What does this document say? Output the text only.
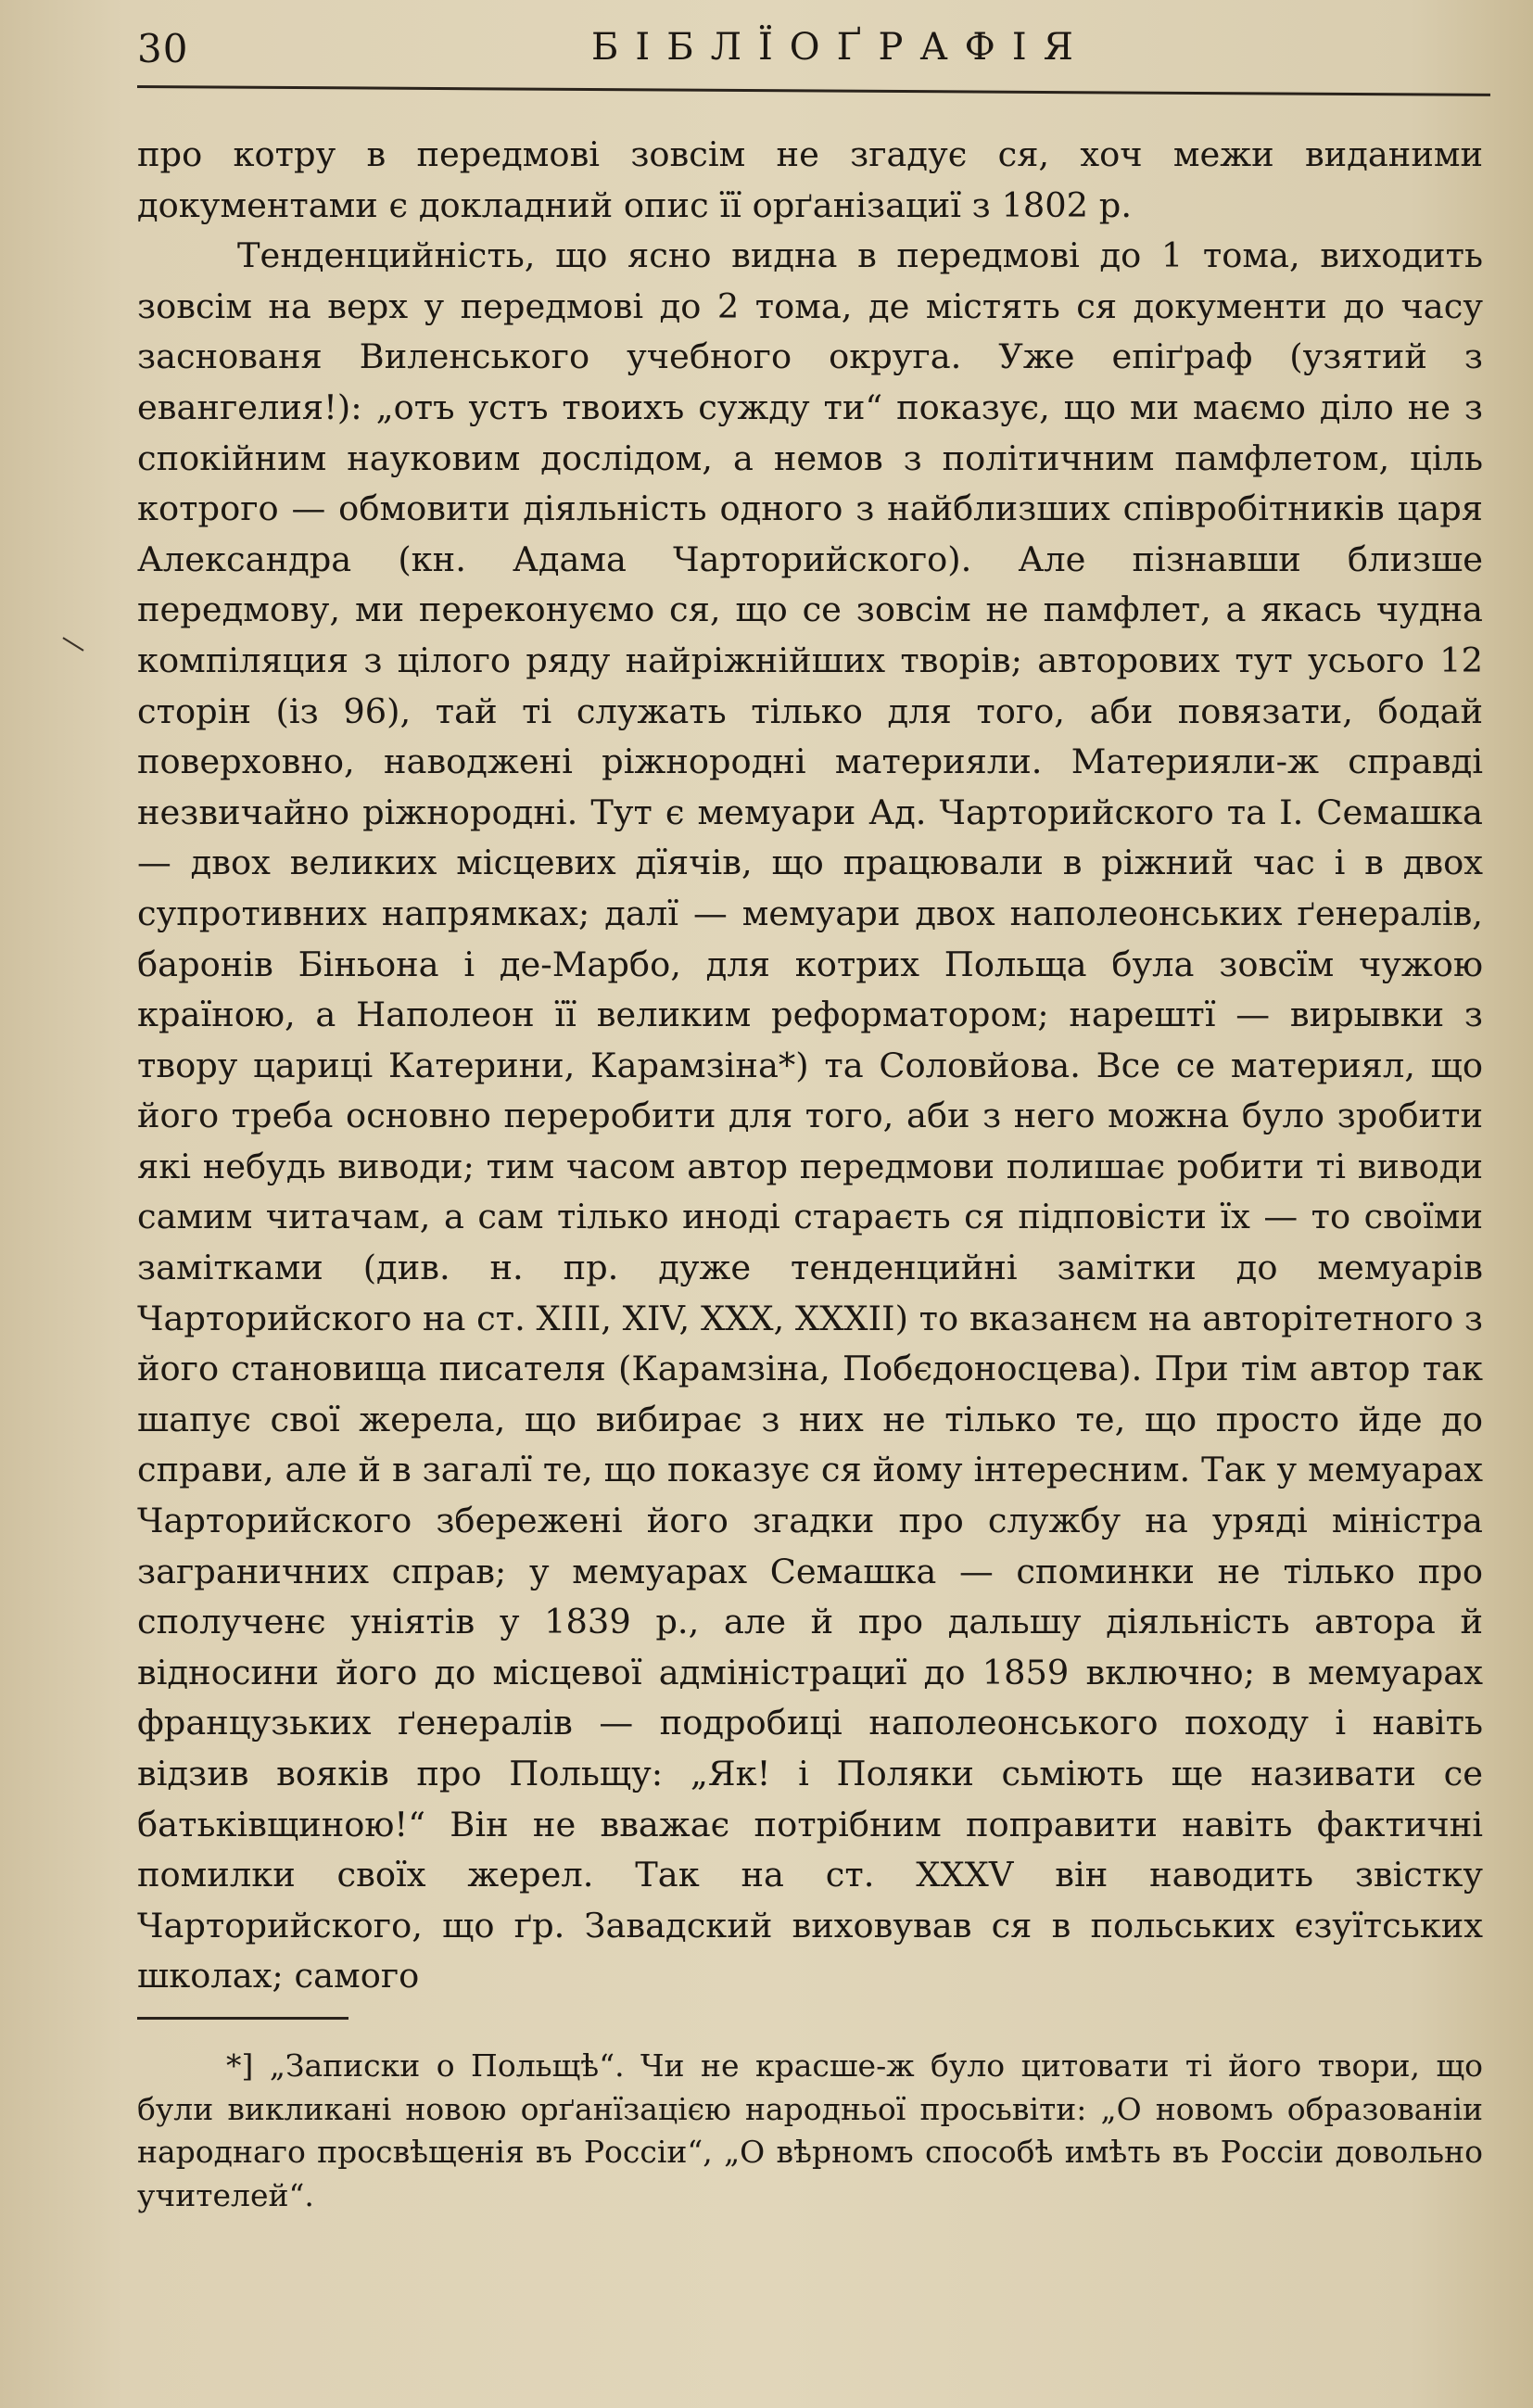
30	БІБЛЇОҐРАФІЯ

про котру в передмові зовсім не згадує ся, хоч межи виданими документами є докладний опис її орґанізациї з 1802 р.

Тенденцийність, що ясно видна в передмові до 1 тома, виходить зовсім на верх у передмові до 2 тома, де містять ся документи до часу заснованя Виленського учебного округа. Уже епіґраф (узятий з евангелия!): „отъ устъ твоихъ сужду ти“ показує, що ми маємо діло не з спокійним науковим дослідом, а немов з політичним памфлетом, ціль котрого — обмовити діяльність одного з найблизших співробітників царя Александра (кн. Адама Чарторийского). Але пізнавши близше передмову, ми переконуємо ся, що се зовсім не памфлет, а якась чудна компіляция з цілого ряду найріжнійших творів; авторових тут усього 12 сторін (із 96), тай ті служать тілько для того, аби повязати, бодай поверховно, наводжені ріжнородні материяли. Материяли-ж справді незвичайно ріжнородні. Тут є мемуари Ад. Чарторийского та І. Семашка — двох великих місцевих дїячів, що працювали в ріжний час і в двох супротивних напрямках; далї — мемуари двох наполеонських ґенералів, баронів Біньона і де-Марбо, для котрих Польща була зовсїм чужою країною, а Наполеон її великим реформатором; нарештї — вирывки з твору цариці Катерини, Карамзіна*) та Соловйова. Все се материял, що його треба основно переробити для того, аби з него можна було зробити які небудь виводи; тим часом автор передмови полишає робити ті виводи самим читачам, а сам тілько иноді стараєть ся підповісти їх — то своїми замітками (див. н. пр. дуже тенденцийні замітки до мемуарів Чарторийского на ст. XIII, XIV, XXX, XXXII) то вказанєм на авторітетного з його становища писателя (Карамзіна, Побєдоносцева). При тім автор так шапує свої жерела, що вибирає з них не тілько те, що просто йде до справи, але й в загалї те, що показує ся йому інтересним. Так у мемуарах Чарторийского збережені його згадки про службу на уряді міністра заграничних справ; у мемуарах Семашка — споминки не тілько про сполученє уніятів у 1839 р., але й про дальшу діяльність автора й відносини його до місцевої адміністрациї до 1859 включно; в мемуарах французьких ґенералів — подробиці наполеонського походу і навіть відзив вояків про Польщу: „Як! і Поляки сьміють ще називати се батьківщиною!“ Він не вважає потрібним поправити навіть фактичні помилки своїх жерел. Так на ст. XXXV він наводить звістку Чарторийского, що ґр. Завадский виховував ся в польських єзуїтських школах; самого

*] „Записки о Польщѣ“. Чи не красше-ж було цитовати ті його твори, що були викликані новою орґанїзацією народньої просьвіти: „О новомъ образованіи народнаго просвѣщенія въ Россіи“, „О вѣрномъ способѣ имѣть въ Россіи довольно учителей“.
